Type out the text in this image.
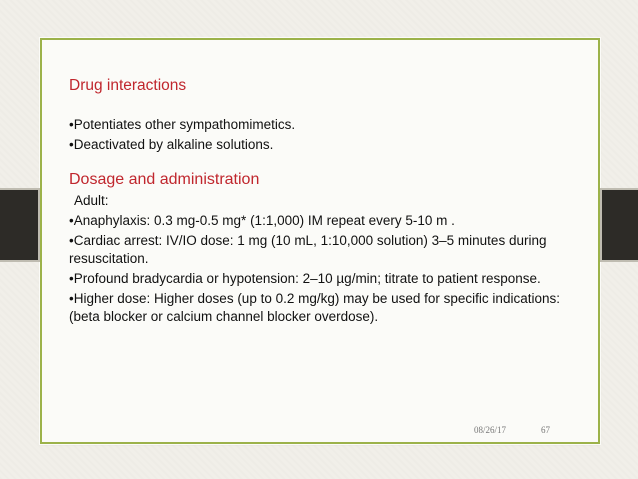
Drug interactions

•Potentiates other sympathomimetics.

•Deactivated by alkaline solutions.

Dosage and administration

Adult:

•Anaphylaxis: 0.3 mg-0.5 mg* (1:1,000) IM repeat every 5-10 m .

•Cardiac arrest: IV/IO dose: 1 mg (10 mL, 1:10,000 solution) 3–5 minutes during resuscitation.

•Profound bradycardia or hypotension: 2–10 µg/min; titrate to patient response.

•Higher dose: Higher doses (up to 0.2 mg/kg) may be used for specific indications: (beta blocker or calcium channel blocker overdose).

08/26/17	67
